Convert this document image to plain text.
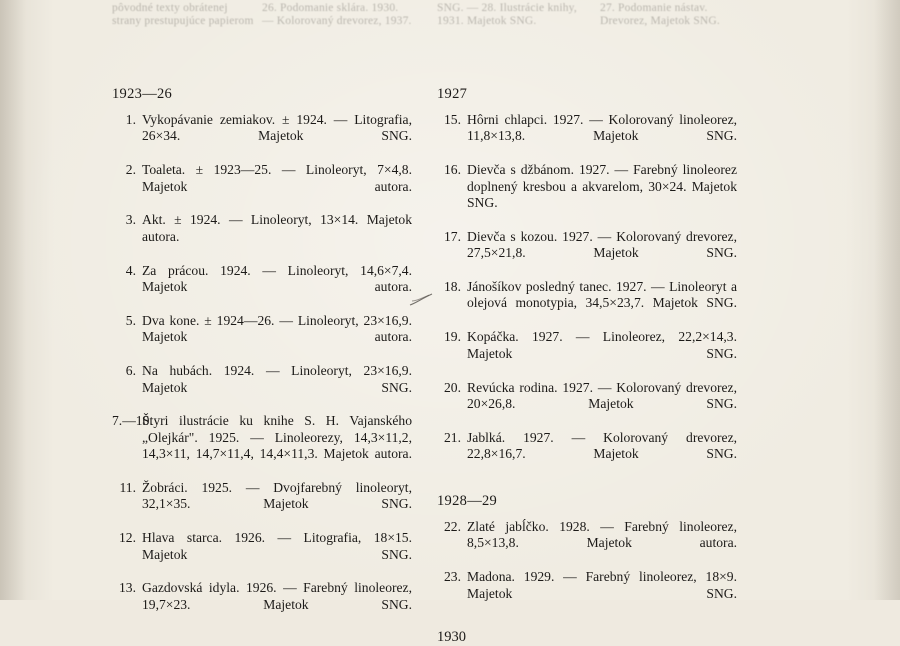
pôvodné texty obrátenej strany prestupujúce papierom
26. Podomanie sklára. 1930. — Kolorovaný drevorez, 1937.
SNG. — 28. Ilustrácie knihy, 1931. Majetok SNG.
27. Podomanie nástav. Drevorez, Majetok SNG.
1923—26
1. Vykopávanie zemiakov. ± 1924. — Litografia, 26×34. Majetok SNG.
2. Toaleta. ± 1923—25. — Linoleoryt, 7×4,8. Majetok autora.
3. Akt. ± 1924. — Linoleoryt, 13×14. Majetok autora.
4. Za prácou. 1924. — Linoleoryt, 14,6×7,4. Majetok autora.
5. Dva kone. ± 1924—26. — Linoleoryt, 23×16,9. Majetok autora.
6. Na hubách. 1924. — Linoleoryt, 23×16,9. Majetok SNG.
7.—10.
Štyri ilustrácie ku knihe S. H. Vajanského „Olejkár". 1925. — Linoleorezy, 14,3×11,2, 14,3×11, 14,7×11,4, 14,4×11,3. Majetok autora.
11. Žobráci. 1925. — Dvojfarebný linoleoryt, 32,1×35. Majetok SNG.
12. Hlava starca. 1926. — Litografia, 18×15. Majetok SNG.
13. Gazdovská idyla. 1926. — Farebný linoleorez, 19,7×23. Majetok SNG.
1927
15. Hôrni chlapci. 1927. — Kolorovaný linoleorez, 11,8×13,8. Majetok SNG.
16. Dievča s džbánom. 1927. — Farebný linoleorez doplnený kresbou a akvarelom, 30×24. Majetok SNG.
17. Dievča s kozou. 1927. — Kolorovaný drevorez, 27,5×21,8. Majetok SNG.
18. Jánošíkov posledný tanec. 1927. — Linoleoryt a olejová monotypia, 34,5×23,7. Majetok SNG.
19. Kopáčka. 1927. — Linoleorez, 22,2×14,3. Majetok SNG.
20. Revúcka rodina. 1927. — Kolorovaný drevorez, 20×26,8. Majetok SNG.
21. Jablká. 1927. — Kolorovaný drevorez, 22,8×16,7. Majetok SNG.
1928—29
22. Zlaté jabĺčko. 1928. — Farebný linoleorez, 8,5×13,8. Majetok autora.
23. Madona. 1929. — Farebný linoleorez, 18×9. Majetok SNG.
1930
